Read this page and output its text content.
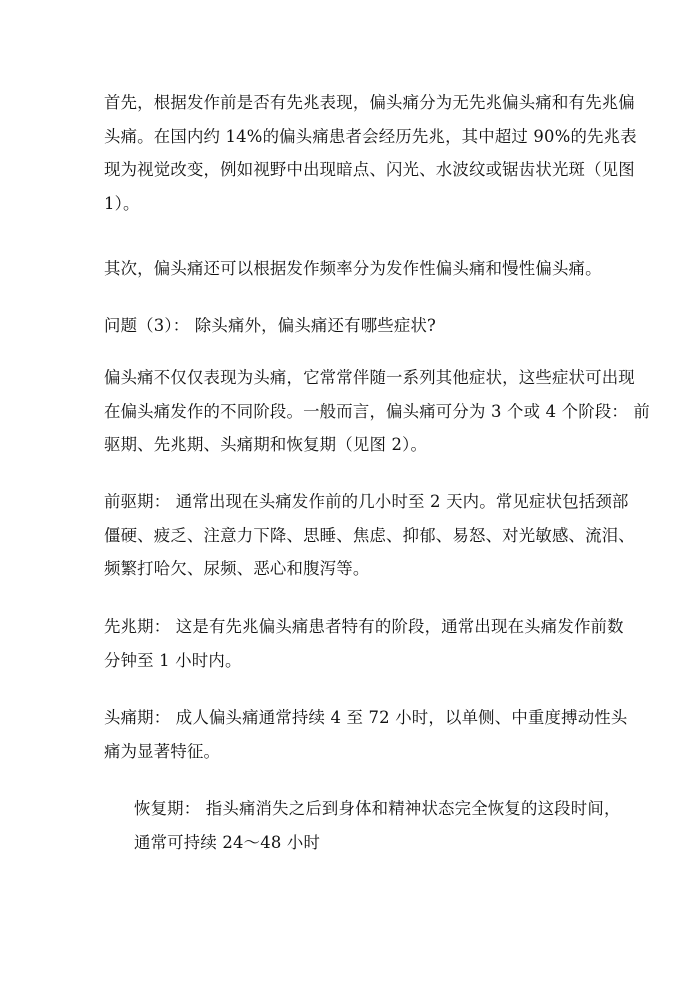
首先，根据发作前是否有先兆表现，偏头痛分为无先兆偏头痛和有先兆偏
头痛。在国内约 14%的偏头痛患者会经历先兆，其中超过 90%的先兆表
现为视觉改变，例如视野中出现暗点、闪光、水波纹或锯齿状光斑（见图
1）。

其次，偏头痛还可以根据发作频率分为发作性偏头痛和慢性偏头痛。

问题（3）： 除头痛外，偏头痛还有哪些症状?

偏头痛不仅仅表现为头痛，它常常伴随一系列其他症状，这些症状可出现
在偏头痛发作的不同阶段。一般而言，偏头痛可分为 3 个或 4 个阶段： 前
驱期、先兆期、头痛期和恢复期（见图 2）。

前驱期： 通常出现在头痛发作前的几小时至 2 天内。常见症状包括颈部
僵硬、疲乏、注意力下降、思睡、焦虑、抑郁、易怒、对光敏感、流泪、
频繁打哈欠、尿频、恶心和腹泻等。

先兆期： 这是有先兆偏头痛患者特有的阶段，通常出现在头痛发作前数
分钟至 1 小时内。

头痛期： 成人偏头痛通常持续 4 至 72 小时，以单侧、中重度搏动性头
痛为显著特征。

恢复期： 指头痛消失之后到身体和精神状态完全恢复的这段时间，
通常可持续 24～48 小时
